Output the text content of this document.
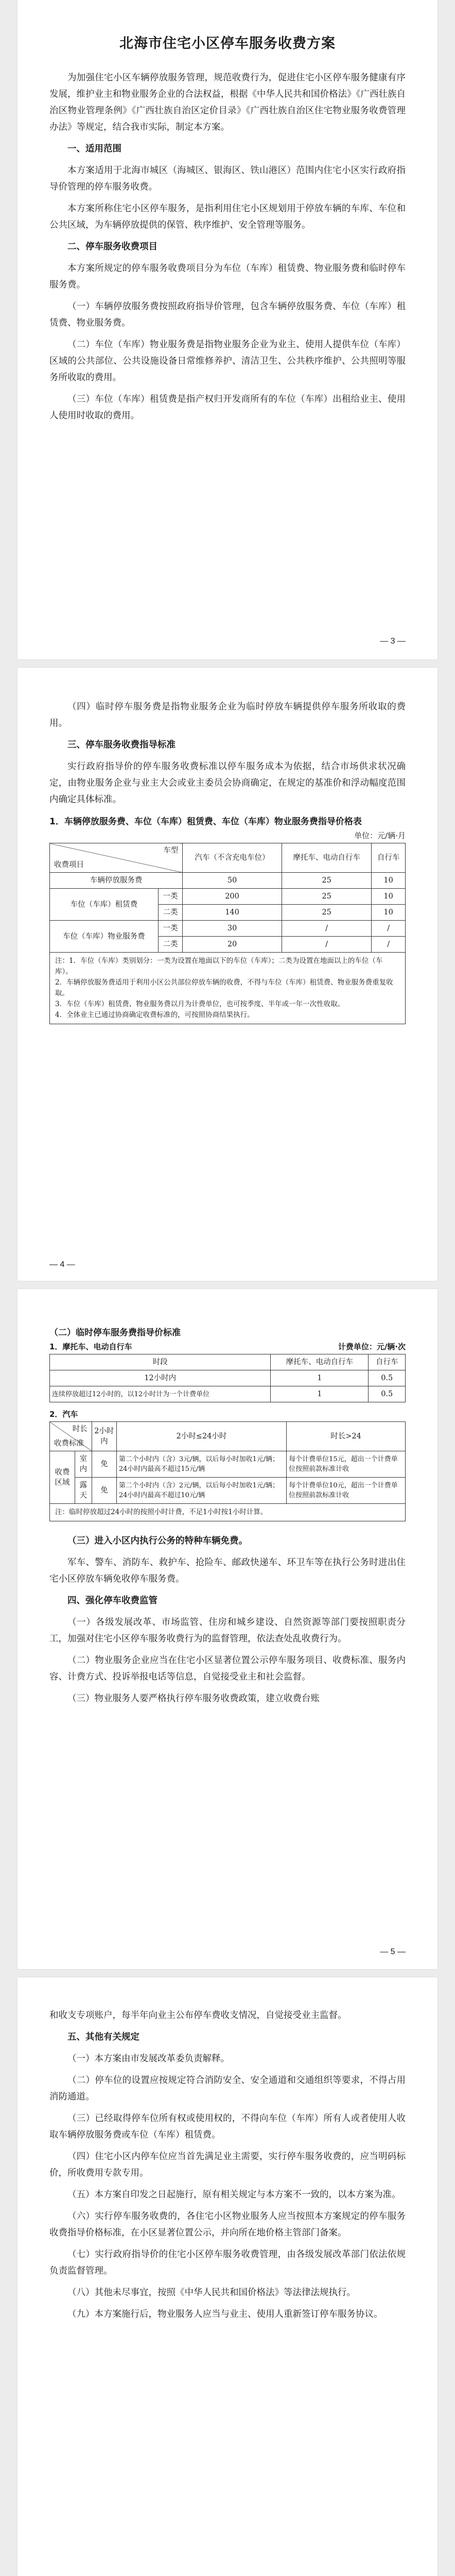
北海市住宅小区停车服务收费方案

为加强住宅小区车辆停放服务管理，规范收费行为，促进住宅小区停车服务健康有序发展，维护业主和物业服务企业的合法权益，根据《中华人民共和国价格法》《广西壮族自治区物业管理条例》《广西壮族自治区定价目录》《广西壮族自治区住宅物业服务收费管理办法》等规定，结合我市实际，制定本方案。

一、适用范围

本方案适用于北海市城区（海城区、银海区、铁山港区）范围内住宅小区实行政府指导价管理的停车服务收费。

本方案所称住宅小区停车服务，是指利用住宅小区规划用于停放车辆的车库、车位和公共区域，为车辆停放提供的保管、秩序维护、安全管理等服务。

二、停车服务收费项目

本方案所规定的停车服务收费项目分为车位（车库）租赁费、物业服务费和临时停车服务费。

（一）车辆停放服务费按照政府指导价管理，包含车辆停放服务费、车位（车库）租赁费、物业服务费。

（二）车位（车库）物业服务费是指物业服务企业为业主、使用人提供车位（车库）区域的公共部位、公共设施设备日常维修养护、清洁卫生、公共秩序维护、公共照明等服务所收取的费用。

（三）车位（车库）租赁费是指产权归开发商所有的车位（车库）出租给业主、使用人使用时收取的费用。

— 3 —

（四）临时停车服务费是指物业服务企业为临时停放车辆提供停车服务所收取的费用。

三、停车服务收费指导标准

实行政府指导价的停车服务收费标准以停车服务成本为依据，结合市场供求状况确定，由物业服务企业与业主大会或业主委员会协商确定，在规定的基准价和浮动幅度范围内确定具体标准。

1．车辆停放服务费、车位（车库）租赁费、车位（车库）物业服务费指导价格表
单位：元/辆·月
车型
收费项目		汽车（不含充电车位）	摩托车、电动自行车	自行车
车辆停放服务费		50	25	10
车位（车库）租赁费	一类	200	25	10
	二类	140	25	10
车位（车库）物业服务费	一类	30	/	/
	二类	20	/	/
注：1．车位（车库）类别划分：一类为设置在地面以下的车位（车库）；二类为设置在地面以上的车位（车库）。
2．车辆停放服务费适用于利用小区公共部位停放车辆的收费，不得与车位（车库）租赁费、物业服务费重复收取。
3．车位（车库）租赁费、物业服务费以月为计费单位，也可按季度、半年或一年一次性收取。
4．全体业主已通过协商确定收费标准的，可按照协商结果执行。
— 4 —
（二）临时停车服务费指导价标准
1．摩托车、电动自行车	计费单位：元/辆·次
时段	摩托车、电动自行车	自行车
12小时内	1	0.5
连续停放超过12小时的，以12小时计为一个计费单位	1	0.5
2．汽车
时长
收费标准		2小时内	2小时≤24小时	时长>24
收费区域	室内	免	第二个小时内（含）3元/辆，以后每小时加收1元/辆；24小时内最高不超过15元/辆	每个计费单位15元，超出一个计费单位按照前款标准计收
	露天	免	第二个小时内（含）2元/辆，以后每小时加收1元/辆；24小时内最高不超过10元/辆	每个计费单位10元，超出一个计费单位按照前款标准计收
注：临时停放超过24小时的按照小时计费，不足1小时按1小时计算。
（三）进入小区内执行公务的特种车辆免费。

军车、警车、消防车、救护车、抢险车、邮政快递车、环卫车等在执行公务时进出住宅小区停放车辆免收停车服务费。

四、强化停车收费监管

（一）各级发展改革、市场监管、住房和城乡建设、自然资源等部门要按照职责分工，加强对住宅小区停车服务收费行为的监督管理，依法查处乱收费行为。

（二）物业服务企业应当在住宅小区显著位置公示停车服务项目、收费标准、服务内容、计费方式、投诉举报电话等信息，自觉接受业主和社会监督。

（三）物业服务人要严格执行停车服务收费政策，建立收费台账

— 5 —

和收支专项账户，每半年向业主公布停车费收支情况，自觉接受业主监督。

五、其他有关规定

（一）本方案由市发展改革委负责解释。

（二）停车位的设置应按规定符合消防安全、安全通道和交通组织等要求，不得占用消防通道。

（三）已经取得停车位所有权或使用权的，不得向车位（车库）所有人或者使用人收取车辆停放服务费或车位（车库）租赁费。

（四）住宅小区内停车位应当首先满足业主需要，实行停车服务收费的，应当明码标价，所收费用专款专用。

（五）本方案自印发之日起施行，原有相关规定与本方案不一致的，以本方案为准。

（六）实行停车服务收费的，各住宅小区物业服务人应当按照本方案规定的停车服务收费指导价格标准，在小区显著位置公示，并向所在地价格主管部门备案。

（七）实行政府指导价的住宅小区停车服务收费管理，由各级发展改革部门依法依规负责监督管理。

（八）其他未尽事宜，按照《中华人民共和国价格法》等法律法规执行。

（九）本方案施行后，物业服务人应当与业主、使用人重新签订停车服务协议。
